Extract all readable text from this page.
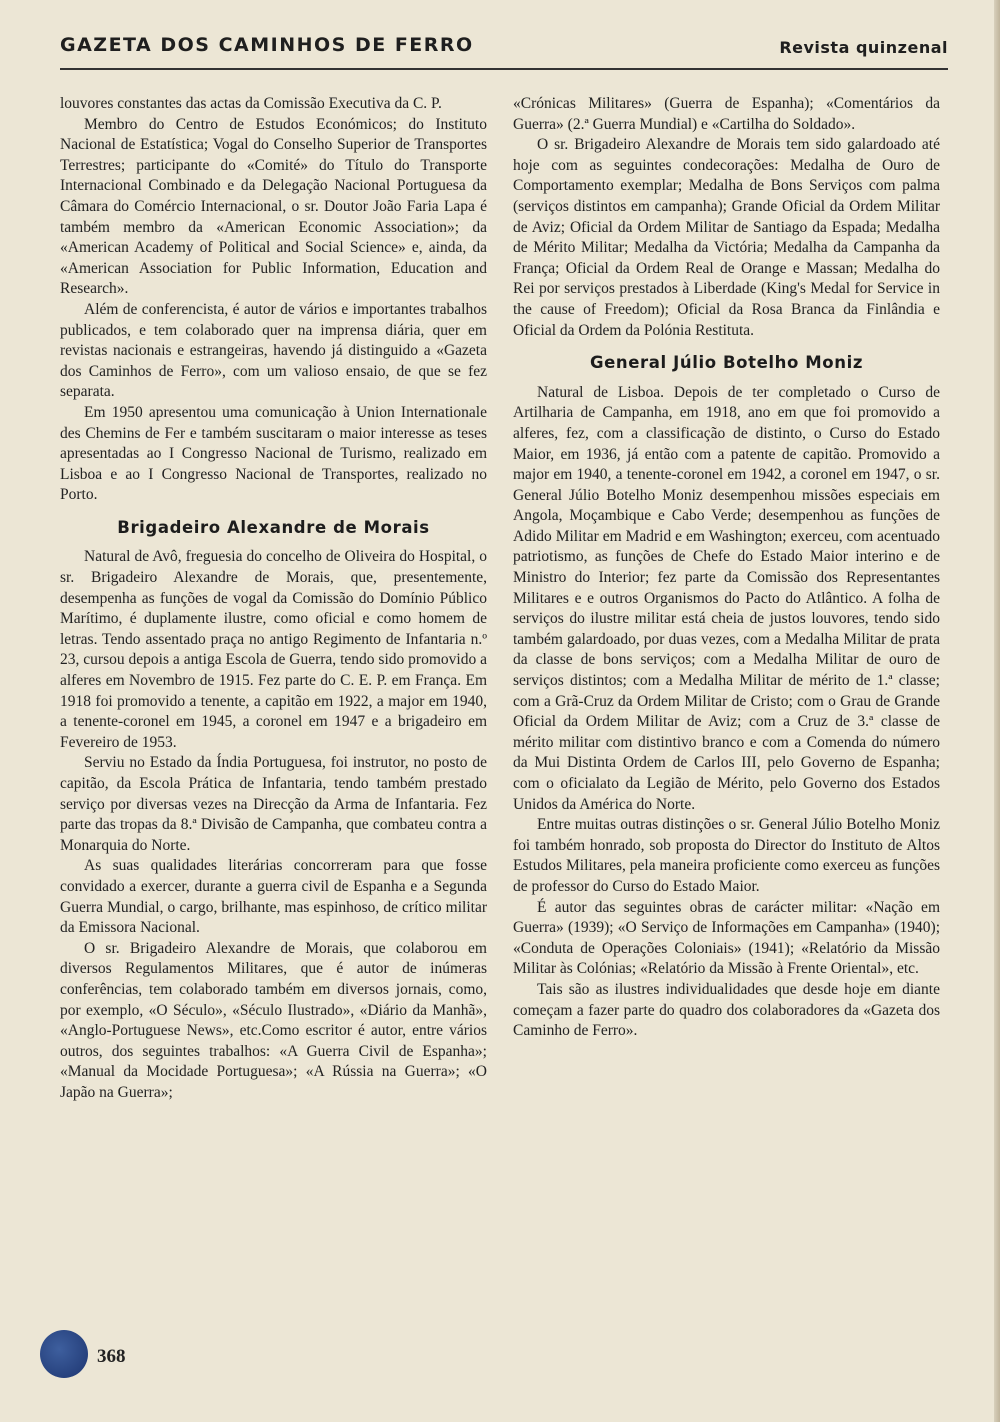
GAZETA DOS CAMINHOS DE FERRO	Revista quinzenal

louvores constantes das actas da Comissão Executiva da C. P.

Membro do Centro de Estudos Económicos; do Instituto Nacional de Estatística; Vogal do Conselho Superior de Transportes Terrestres; participante do «Comité» do Título do Transporte Internacional Combinado e da Delegação Nacional Portuguesa da Câmara do Comércio Internacional, o sr. Doutor João Faria Lapa é também membro da «American Economic Association»; da «American Academy of Political and Social Science» e, ainda, da «American Association for Public Information, Education and Research».

Além de conferencista, é autor de vários e importantes trabalhos publicados, e tem colaborado quer na imprensa diária, quer em revistas nacionais e estrangeiras, havendo já distinguido a «Gazeta dos Caminhos de Ferro», com um valioso ensaio, de que se fez separata.

Em 1950 apresentou uma comunicação à Union Internationale des Chemins de Fer e também suscitaram o maior interesse as teses apresentadas ao I Congresso Nacional de Turismo, realizado em Lisboa e ao I Congresso Nacional de Transportes, realizado no Porto.

Brigadeiro Alexandre de Morais

Natural de Avô, freguesia do concelho de Oliveira do Hospital, o sr. Brigadeiro Alexandre de Morais, que, presentemente, desempenha as funções de vogal da Comissão do Domínio Público Marítimo, é duplamente ilustre, como oficial e como homem de letras. Tendo assentado praça no antigo Regimento de Infantaria n.º 23, cursou depois a antiga Escola de Guerra, tendo sido promovido a alferes em Novembro de 1915. Fez parte do C. E. P. em França. Em 1918 foi promovido a tenente, a capitão em 1922, a major em 1940, a tenente-coronel em 1945, a coronel em 1947 e a brigadeiro em Fevereiro de 1953.

Serviu no Estado da Índia Portuguesa, foi instrutor, no posto de capitão, da Escola Prática de Infantaria, tendo também prestado serviço por diversas vezes na Direcção da Arma de Infantaria. Fez parte das tropas da 8.ª Divisão de Campanha, que combateu contra a Monarquia do Norte.

As suas qualidades literárias concorreram para que fosse convidado a exercer, durante a guerra civil de Espanha e a Segunda Guerra Mundial, o cargo, brilhante, mas espinhoso, de crítico militar da Emissora Nacional.

O sr. Brigadeiro Alexandre de Morais, que colaborou em diversos Regulamentos Militares, que é autor de inúmeras conferências, tem colaborado também em diversos jornais, como, por exemplo, «O Século», «Século Ilustrado», «Diário da Manhã», «Anglo-Portuguese News», etc.Como escritor é autor, entre vários outros, dos seguintes trabalhos: «A Guerra Civil de Espanha»; «Manual da Mocidade Portuguesa»; «A Rússia na Guerra»; «O Japão na Guerra»;

«Crónicas Militares» (Guerra de Espanha); «Comentários da Guerra» (2.ª Guerra Mundial) e «Cartilha do Soldado».

O sr. Brigadeiro Alexandre de Morais tem sido galardoado até hoje com as seguintes condecorações: Medalha de Ouro de Comportamento exemplar; Medalha de Bons Serviços com palma (serviços distintos em campanha); Grande Oficial da Ordem Militar de Aviz; Oficial da Ordem Militar de Santiago da Espada; Medalha de Mérito Militar; Medalha da Victória; Medalha da Campanha da França; Oficial da Ordem Real de Orange e Massan; Medalha do Rei por serviços prestados à Liberdade (King's Medal for Service in the cause of Freedom); Oficial da Rosa Branca da Finlândia e Oficial da Ordem da Polónia Restituta.

General Júlio Botelho Moniz

Natural de Lisboa. Depois de ter completado o Curso de Artilharia de Campanha, em 1918, ano em que foi promovido a alferes, fez, com a classificação de distinto, o Curso do Estado Maior, em 1936, já então com a patente de capitão. Promovido a major em 1940, a tenente-coronel em 1942, a coronel em 1947, o sr. General Júlio Botelho Moniz desempenhou missões especiais em Angola, Moçambique e Cabo Verde; desempenhou as funções de Adido Militar em Madrid e em Washington; exerceu, com acentuado patriotismo, as funções de Chefe do Estado Maior interino e de Ministro do Interior; fez parte da Comissão dos Representantes Militares e e outros Organismos do Pacto do Atlântico. A folha de serviços do ilustre militar está cheia de justos louvores, tendo sido também galardoado, por duas vezes, com a Medalha Militar de prata da classe de bons serviços; com a Medalha Militar de ouro de serviços distintos; com a Medalha Militar de mérito de 1.ª classe; com a Grã-Cruz da Ordem Militar de Cristo; com o Grau de Grande Oficial da Ordem Militar de Aviz; com a Cruz de 3.ª classe de mérito militar com distintivo branco e com a Comenda do número da Mui Distinta Ordem de Carlos III, pelo Governo de Espanha; com o oficialato da Legião de Mérito, pelo Governo dos Estados Unidos da América do Norte.

Entre muitas outras distinções o sr. General Júlio Botelho Moniz foi também honrado, sob proposta do Director do Instituto de Altos Estudos Militares, pela maneira proficiente como exerceu as funções de professor do Curso do Estado Maior.

É autor das seguintes obras de carácter militar: «Nação em Guerra» (1939); «O Serviço de Informações em Campanha» (1940); «Conduta de Operações Coloniais» (1941); «Relatório da Missão Militar às Colónias; «Relatório da Missão à Frente Oriental», etc.

Tais são as ilustres individualidades que desde hoje em diante começam a fazer parte do quadro dos colaboradores da «Gazeta dos Caminho de Ferro».

368
